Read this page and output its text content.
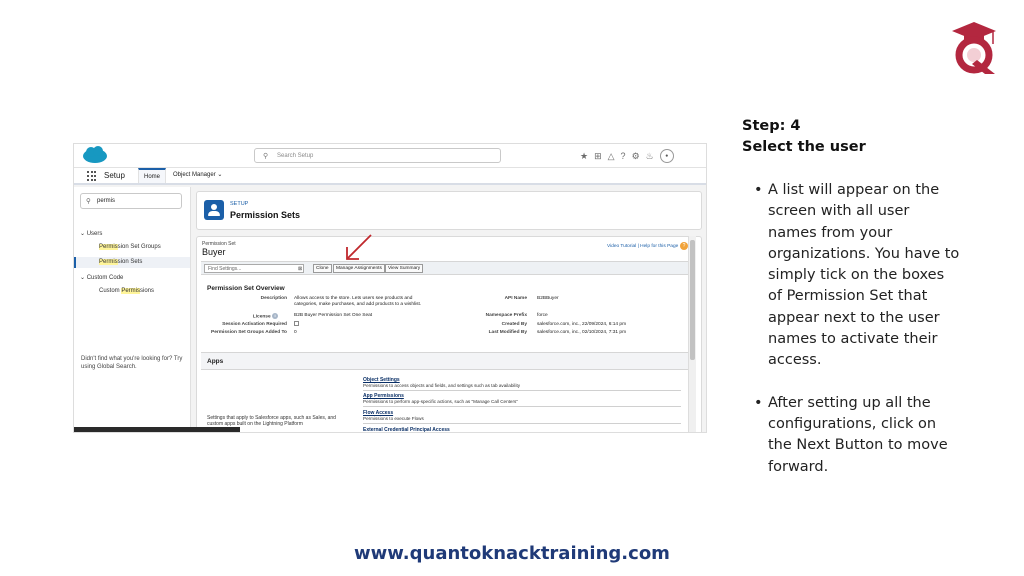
Step: 4
Select the user
• A list will appear on the screen with all user names from your organizations. You have to simply tick on the boxes of Permission Set that appear next to the user names to activate their access.
• After setting up all the configurations, click on the Next Button to move forward.
www.quantoknacktraining.com
⚲ Search Setup	★ ⊞ △ ? ⚙ ♨	●
Setup	Home	Object Manager ⌄
⚲ permis
⌄ Users
Permission Set Groups
Permission Sets
⌄ Custom Code
Custom Permissions
Didn't find what you're looking for? Try using Global Search.
SETUP
Permission Sets
Permission Set
Buyer
Video Tutorial | Help for this Page ?
Find Settings...	⊠	Clone	Manage Assignments	View Summary
Permission Set Overview
Description Allows access to the store. Lets users see products and categories, make purchases, and add products to a wishlist.
License i	B2B Buyer Permission Set One Seat
Session Activation Required
Permission Set Groups Added To 0
API Name B2BBuyer
Namespace Prefix force
Created By salesforce.com, inc., 22/09/2024, 6:14 pm
Last Modified By salesforce.com, inc., 02/10/2024, 7:31 pm
Apps
Settings that apply to Salesforce apps, such as Sales, and custom apps built on the Lightning Platform
Object Settings
Permissions to access objects and fields, and settings such as tab availability
App Permissions
Permissions to perform app-specific actions, such as "Manage Call Centers"
Flow Access
Permissions to execute Flows
External Credential Principal Access
